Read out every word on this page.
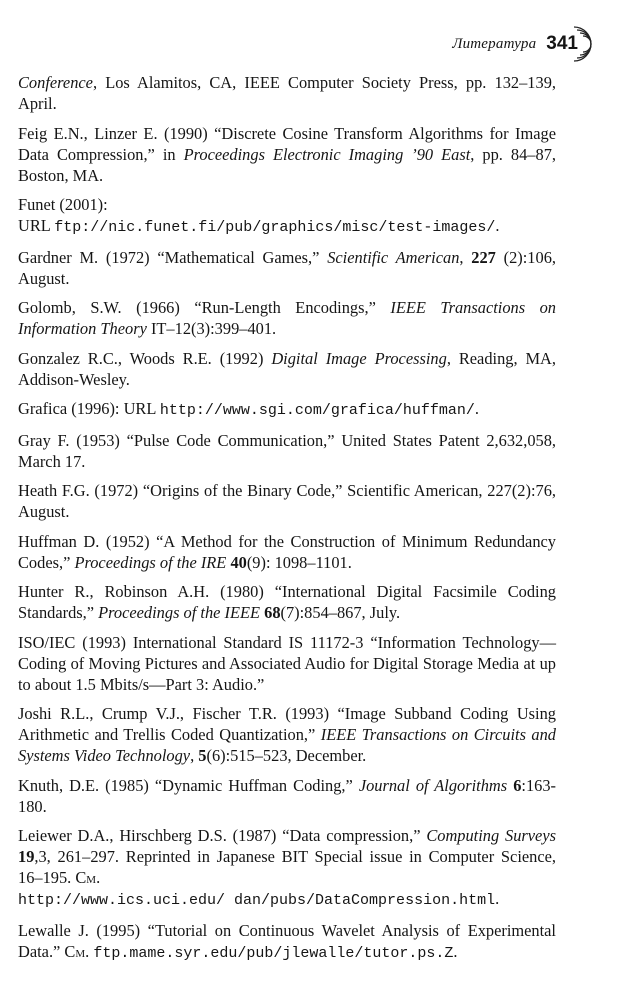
Литература 341

Conference, Los Alamitos, CA, IEEE Computer Society Press, pp. 132–139, April.

Feig E.N., Linzer E. (1990) “Discrete Cosine Transform Algorithms for Image Data Compression,” in Proceedings Electronic Imaging ’90 East, pp. 84–87, Boston, MA.

Funet (2001):
URL ftp://nic.funet.fi/pub/graphics/misc/test-images/.

Gardner M. (1972) “Mathematical Games,” Scientific American, 227 (2):106, August.

Golomb, S.W. (1966) “Run-Length Encodings,” IEEE Transactions on Information Theory IT–12(3):399–401.

Gonzalez R.C., Woods R.E. (1992) Digital Image Processing, Reading, MA, Addison-Wesley.

Grafica (1996): URL http://www.sgi.com/grafica/huffman/.

Gray F. (1953) “Pulse Code Communication,” United States Patent 2,632,058, March 17.

Heath F.G. (1972) “Origins of the Binary Code,” Scientific American, 227(2):76, August.

Huffman D. (1952) “A Method for the Construction of Minimum Redundancy Codes,” Proceedings of the IRE 40(9): 1098–1101.

Hunter R., Robinson A.H. (1980) “International Digital Facsimile Coding Standards,” Proceedings of the IEEE 68(7):854–867, July.

ISO/IEC (1993) International Standard IS 11172-3 “Information Technology—Coding of Moving Pictures and Associated Audio for Digital Storage Media at up to about 1.5 Mbits/s—Part 3: Audio.”

Joshi R.L., Crump V.J., Fischer T.R. (1993) “Image Subband Coding Using Arithmetic and Trellis Coded Quantization,” IEEE Transactions on Circuits and Systems Video Technology, 5(6):515–523, December.

Knuth, D.E. (1985) “Dynamic Huffman Coding,” Journal of Algorithms 6:163-180.

Leiewer D.A., Hirschberg D.S. (1987) “Data compression,” Computing Surveys 19,3, 261–297. Reprinted in Japanese BIT Special issue in Computer Science, 16–195. См.
http://www.ics.uci.edu/ dan/pubs/DataCompression.html.

Lewalle J. (1995) “Tutorial on Continuous Wavelet Analysis of Experimental Data.” См. ftp.mame.syr.edu/pub/jlewalle/tutor.ps.Z.
